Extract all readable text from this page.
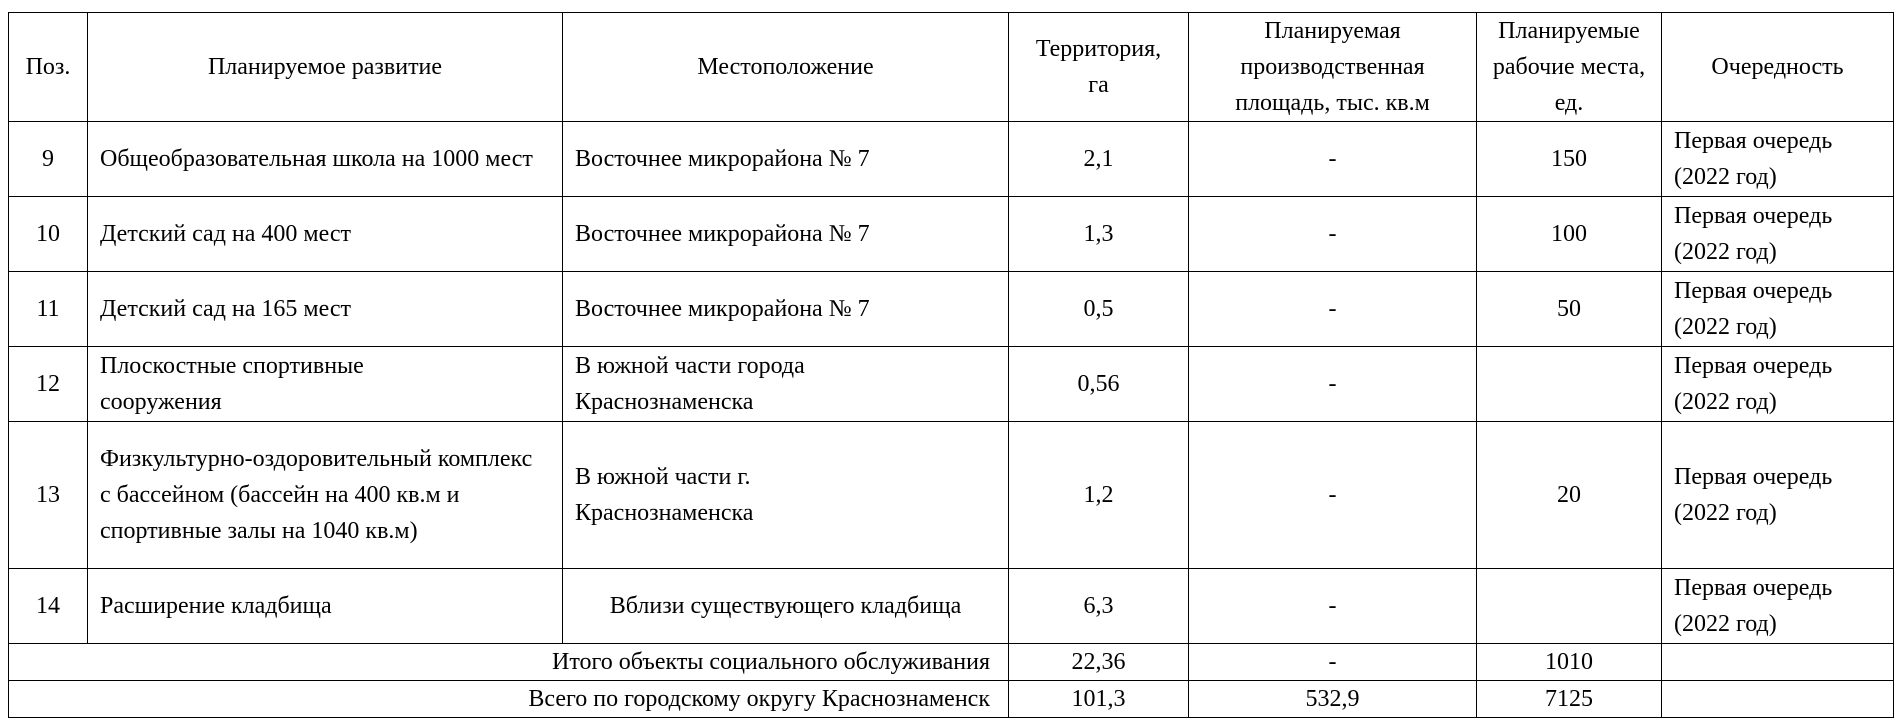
Поз.	Планируемое развитие	Местоположение	Территория, га	Планируемая производственная площадь, тыс. кв.м	Планируемые рабочие места, ед.	Очередность
9	Общеобразовательная школа на 1000 мест	Восточнее микрорайона № 7	2,1	-	150	Первая очередь (2022 год)
10	Детский сад на 400 мест	Восточнее микрорайона № 7	1,3	-	100	Первая очередь (2022 год)
11	Детский сад на 165 мест	Восточнее микрорайона № 7	0,5	-	50	Первая очередь (2022 год)
12	Плоскостные спортивные сооружения	В южной части города Краснознаменска	0,56	-		Первая очередь (2022 год)
13	Физкультурно-оздоровительный комплекс с бассейном (бассейн на 400 кв.м и спортивные залы на 1040 кв.м)	В южной части г. Краснознаменска	1,2	-	20	Первая очередь (2022 год)
14	Расширение кладбища	Вблизи существующего кладбища	6,3	-		Первая очередь (2022 год)
Итого объекты социального обслуживания			22,36	-	1010	
Всего по городскому округу Краснознаменск			101,3	532,9	7125	
